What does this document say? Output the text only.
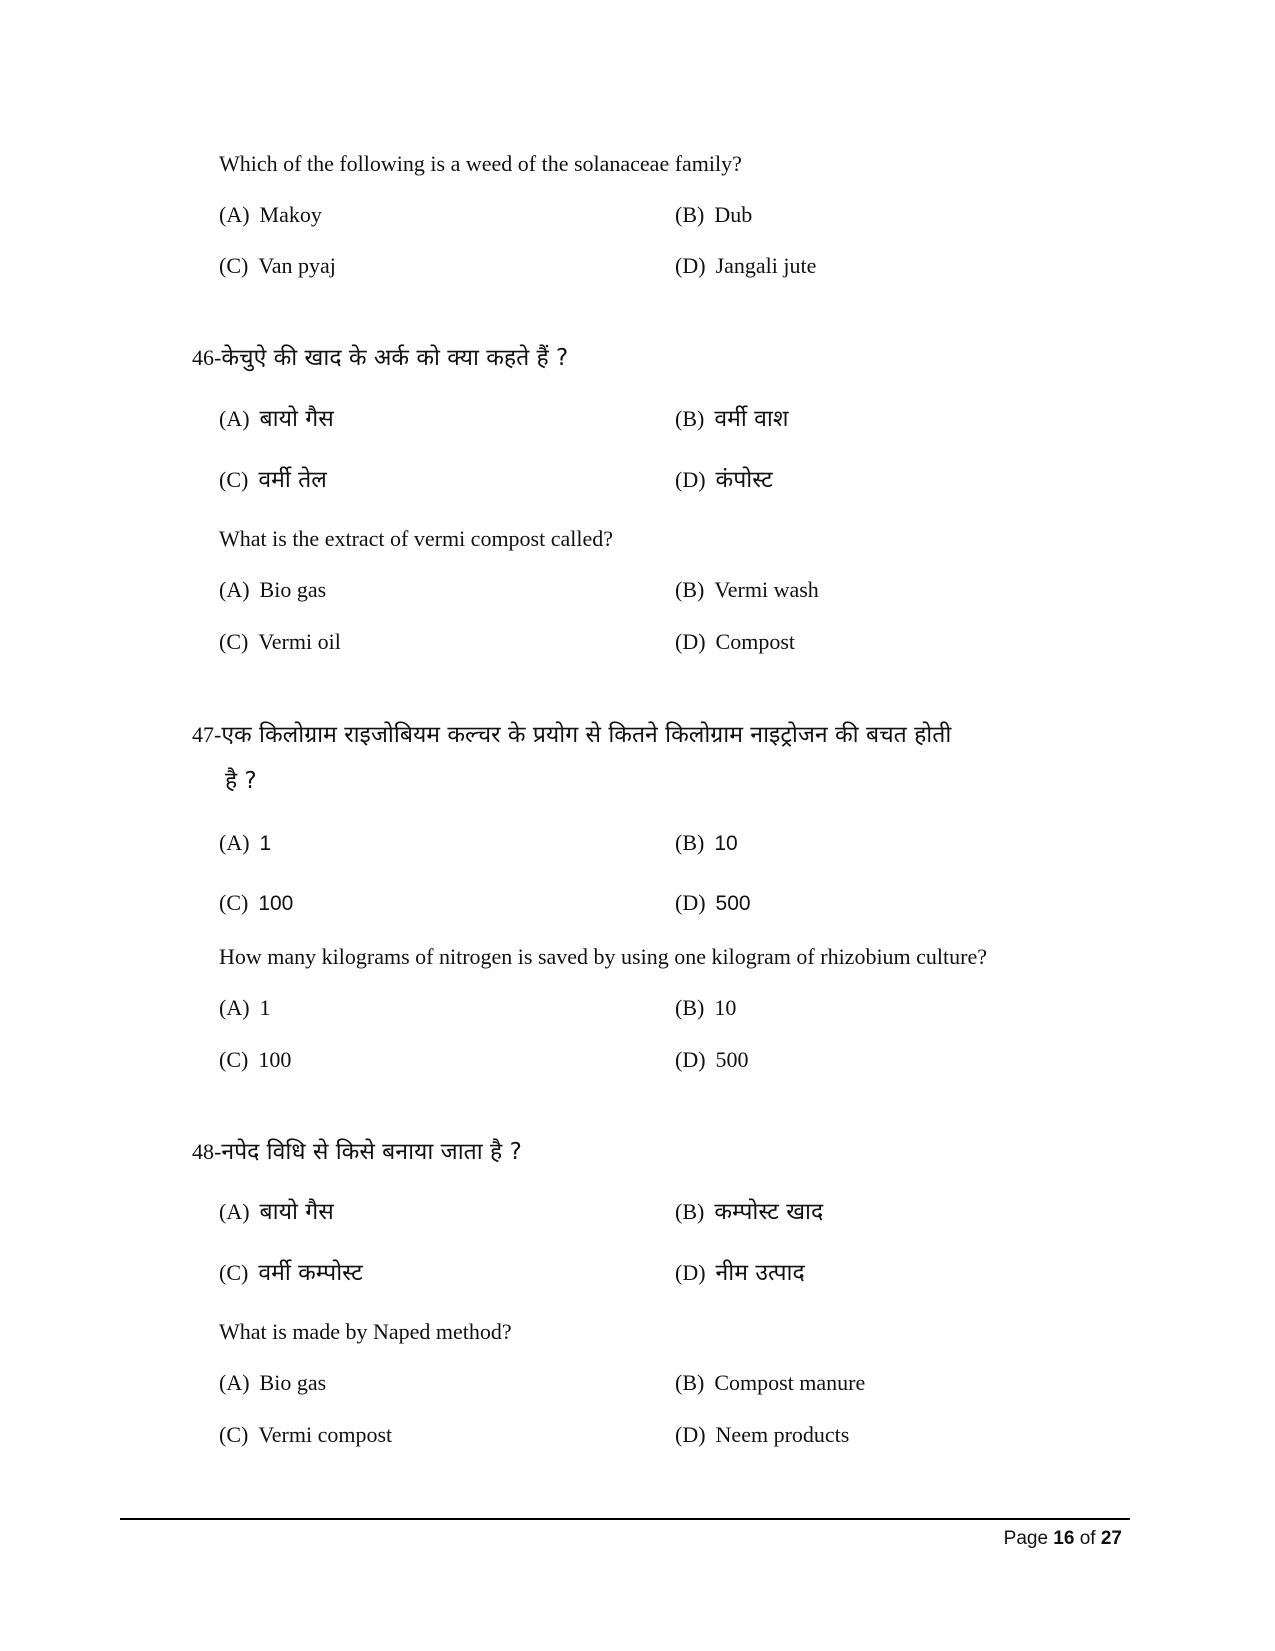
Which of the following is a weed of the solanaceae family?
(A) Makoy	(B) Dub
(C) Van pyaj	(D) Jangali jute
46-केचुऐ की खाद के अर्क को क्या कहते हैं ?
(A) बायो गैस	(B) वर्मी वाश
(C) वर्मी तेल	(D) कंपोस्ट
What is the extract of vermi compost called?
(A) Bio gas	(B) Vermi wash
(C) Vermi oil	(D) Compost
47-एक किलोग्राम राइजोबियम कल्चर के प्रयोग से कितने किलोग्राम नाइट्रोजन की बचत होती
है ?
(A) 1	(B) 10
(C) 100	(D) 500
How many kilograms of nitrogen is saved by using one kilogram of rhizobium culture?
(A) 1	(B) 10
(C) 100	(D) 500
48-नपेद विधि से किसे बनाया जाता है ?
(A) बायो गैस	(B) कम्पोस्ट खाद
(C) वर्मी कम्पोस्ट	(D) नीम उत्पाद
What is made by Naped method?
(A) Bio gas	(B) Compost manure
(C) Vermi compost	(D) Neem products
Page 16 of 27
